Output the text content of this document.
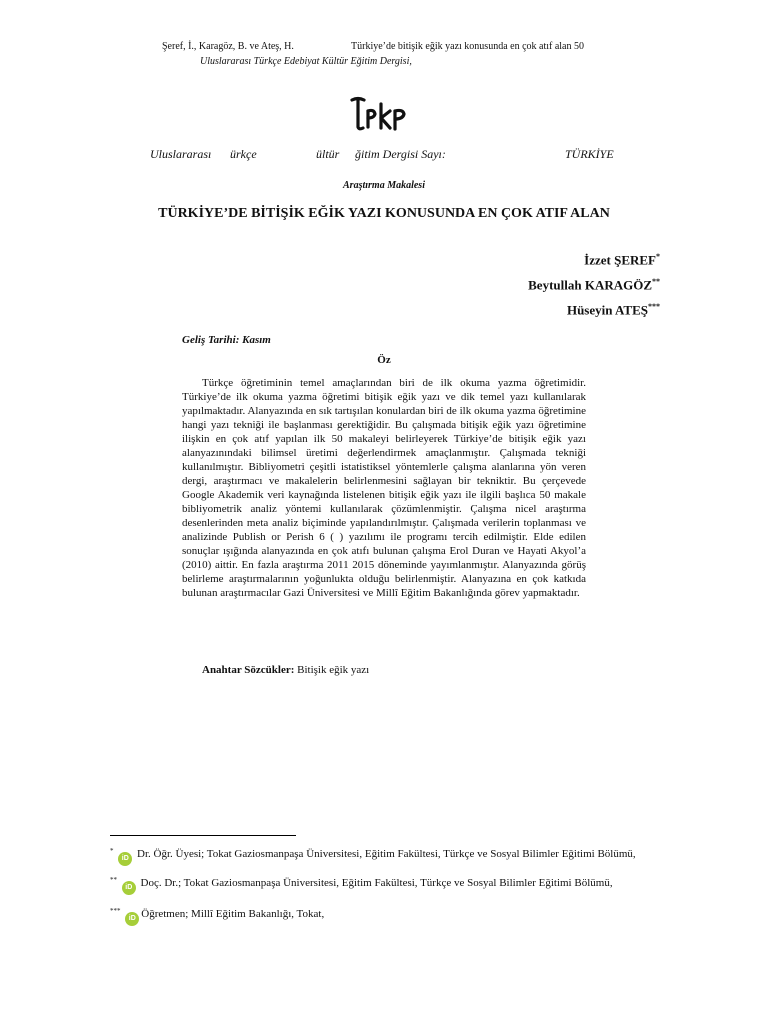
Şeref, İ., Karagöz, B. ve Ateş, H.	Türkiye’de bitişik eğik yazı konusunda en çok atıf alan 50
Uluslararası Türkçe Edebiyat Kültür Eğitim Dergisi,
Uluslararası ürkçe	ültür ğitim Dergisi Sayı:	TÜRKİYE
Araştırma Makalesi
TÜRKİYE’DE BİTİŞİK EĞİK YAZI KONUSUNDA EN ÇOK ATIF ALAN
İzzet ŞEREF*
Beytullah KARAGÖZ**
Hüseyin ATEŞ***
Geliş Tarihi: Kasım
Öz

Türkçe öğretiminin temel amaçlarından biri de ilk okuma yazma öğretimidir. Türkiye’de ilk okuma yazma öğretimi bitişik eğik yazı ve dik temel yazı kullanılarak yapılmaktadır. Alanyazında en sık tartışılan konulardan biri de ilk okuma yazma öğretimine hangi yazı tekniği ile başlanması gerektiğidir. Bu çalışmada bitişik eğik yazı öğretimine ilişkin en çok atıf yapılan ilk 50 makaleyi belirleyerek Türkiye’de bitişik eğik yazı alanyazınındaki bilimsel üretimi değerlendirmek amaçlanmıştır. Çalışmada tekniği kullanılmıştır. Bibliyometri çeşitli istatistiksel yöntemlerle çalışma alanlarına yön veren dergi, araştırmacı ve makalelerin belirlenmesini sağlayan bir tekniktir. Bu çerçevede Google Akademik veri kaynağında listelenen bitişik eğik yazı ile ilgili başlıca 50 makale bibliyometrik analiz yöntemi kullanılarak çözümlenmiştir. Çalışma nicel araştırma desenlerinden meta analiz biçiminde yapılandırılmıştır. Çalışmada verilerin toplanması ve analizinde Publish or Perish 6 ( ) yazılımı ile programı tercih edilmiştir. Elde edilen sonuçlar ışığında alanyazında en çok atıfı bulunan çalışma Erol Duran ve Hayati Akyol’a (2010) aittir. En fazla araştırma 2011 2015 döneminde yayımlanmıştır. Alanyazında görüş belirleme araştırmalarının yoğunlukta olduğu belirlenmiştir. Alanyazına en çok katkıda bulunan araştırmacılar Gazi Üniversitesi ve Millî Eğitim Bakanlığında görev yapmaktadır.

Anahtar Sözcükler: Bitişik eğik yazı
* iD Dr. Öğr. Üyesi; Tokat Gaziosmanpaşa Üniversitesi, Eğitim Fakültesi, Türkçe ve Sosyal Bilimler Eğitimi Bölümü,
** iD Doç. Dr.; Tokat Gaziosmanpaşa Üniversitesi, Eğitim Fakültesi, Türkçe ve Sosyal Bilimler Eğitimi Bölümü,
*** iD Öğretmen; Millî Eğitim Bakanlığı, Tokat,
